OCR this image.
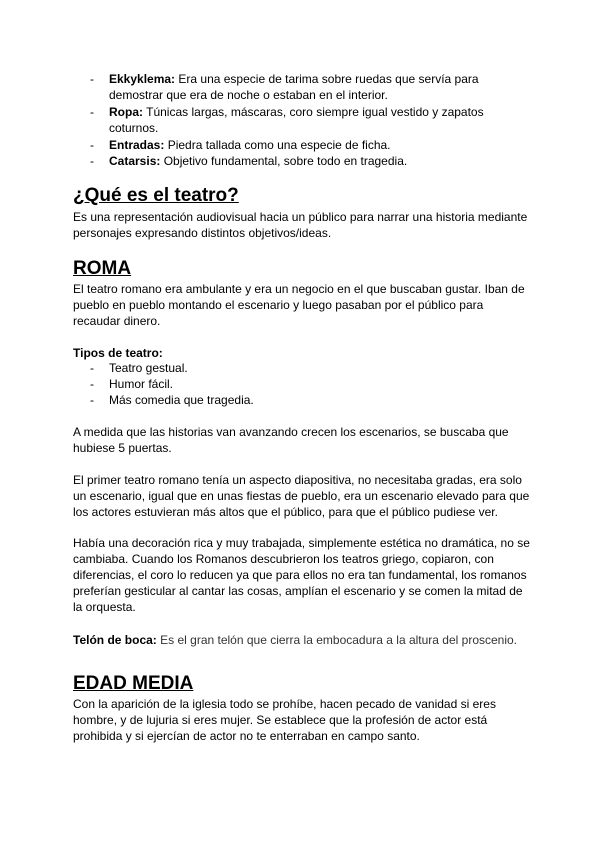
- Ekkyklema: Era una especie de tarima sobre ruedas que servía para demostrar que era de noche o estaban en el interior.
- Ropa: Túnicas largas, máscaras, coro siempre igual vestido y zapatos coturnos.
- Entradas: Piedra tallada como una especie de ficha.
- Catarsis: Objetivo fundamental, sobre todo en tragedia.
¿Qué es el teatro?

Es una representación audiovisual hacia un público para narrar una historia mediante personajes expresando distintos objetivos/ideas.

ROMA

El teatro romano era ambulante y era un negocio en el que buscaban gustar. Iban de pueblo en pueblo montando el escenario y luego pasaban por el público para recaudar dinero.

Tipos de teatro:

- Teatro gestual.
- Humor fácil.
- Más comedia que tragedia.

A medida que las historias van avanzando crecen los escenarios, se buscaba que hubiese 5 puertas.

El primer teatro romano tenía un aspecto diapositiva, no necesitaba gradas, era solo un escenario, igual que en unas fiestas de pueblo, era un escenario elevado para que los actores estuvieran más altos que el público, para que el público pudiese ver.

Había una decoración rica y muy trabajada, simplemente estética no dramática, no se cambiaba. Cuando los Romanos descubrieron los teatros griego, copiaron, con diferencias, el coro lo reducen ya que para ellos no era tan fundamental, los romanos preferían gesticular al cantar las cosas, amplían el escenario y se comen la mitad de la orquesta.

Telón de boca: Es el gran telón que cierra la embocadura a la altura del proscenio.

EDAD MEDIA

Con la aparición de la iglesia todo se prohíbe, hacen pecado de vanidad si eres hombre, y de lujuria si eres mujer. Se establece que la profesión de actor está prohibida y si ejercían de actor no te enterraban en campo santo.
